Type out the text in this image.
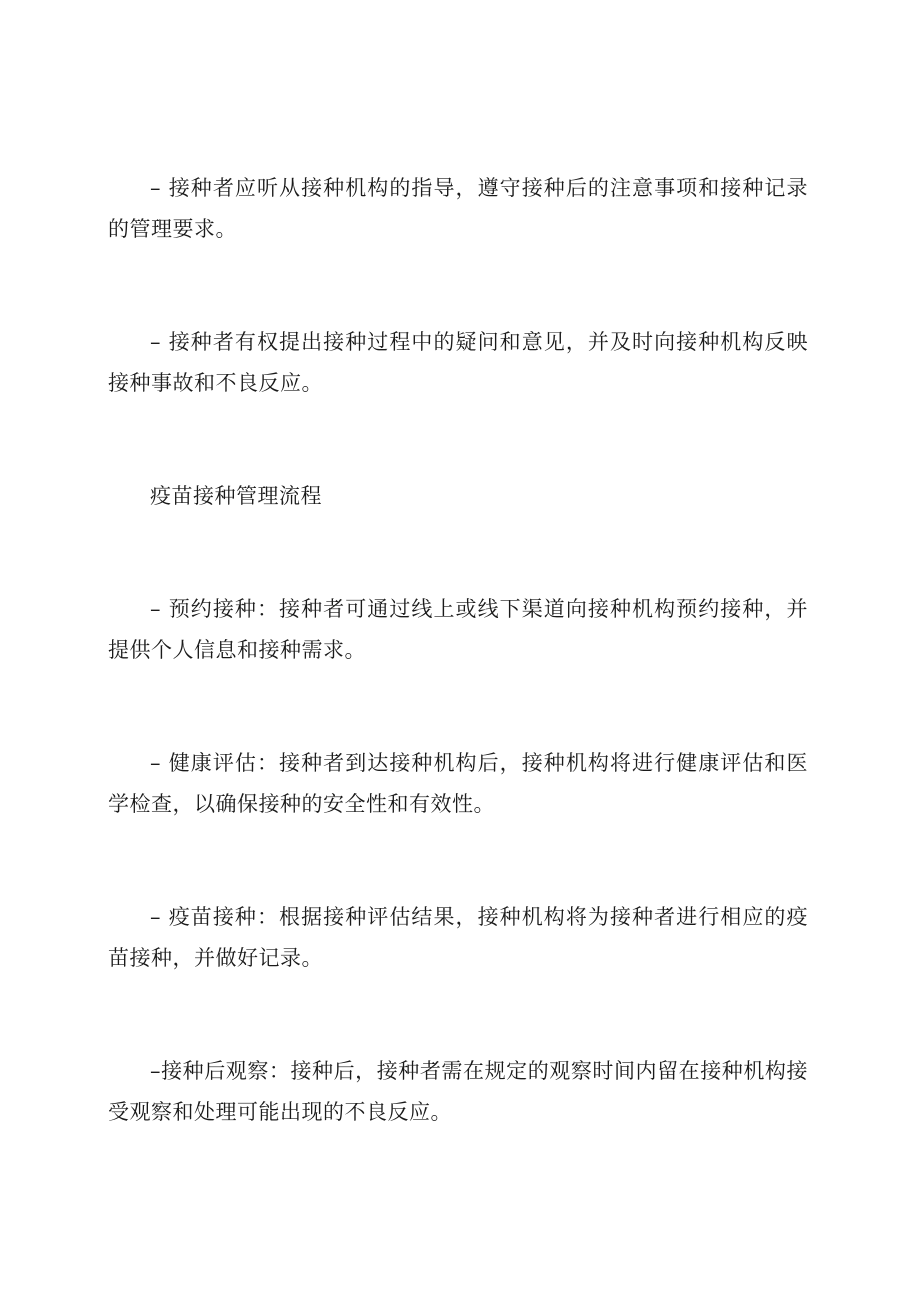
– 接种者应听从接种机构的指导，遵守接种后的注意事项和接种记录的管理要求。

– 接种者有权提出接种过程中的疑问和意见，并及时向接种机构反映接种事故和不良反应。

疫苗接种管理流程

– 预约接种：接种者可通过线上或线下渠道向接种机构预约接种，并提供个人信息和接种需求。

– 健康评估：接种者到达接种机构后，接种机构将进行健康评估和医学检查，以确保接种的安全性和有效性。

– 疫苗接种：根据接种评估结果，接种机构将为接种者进行相应的疫苗接种，并做好记录。

–接种后观察：接种后，接种者需在规定的观察时间内留在接种机构接受观察和处理可能出现的不良反应。
